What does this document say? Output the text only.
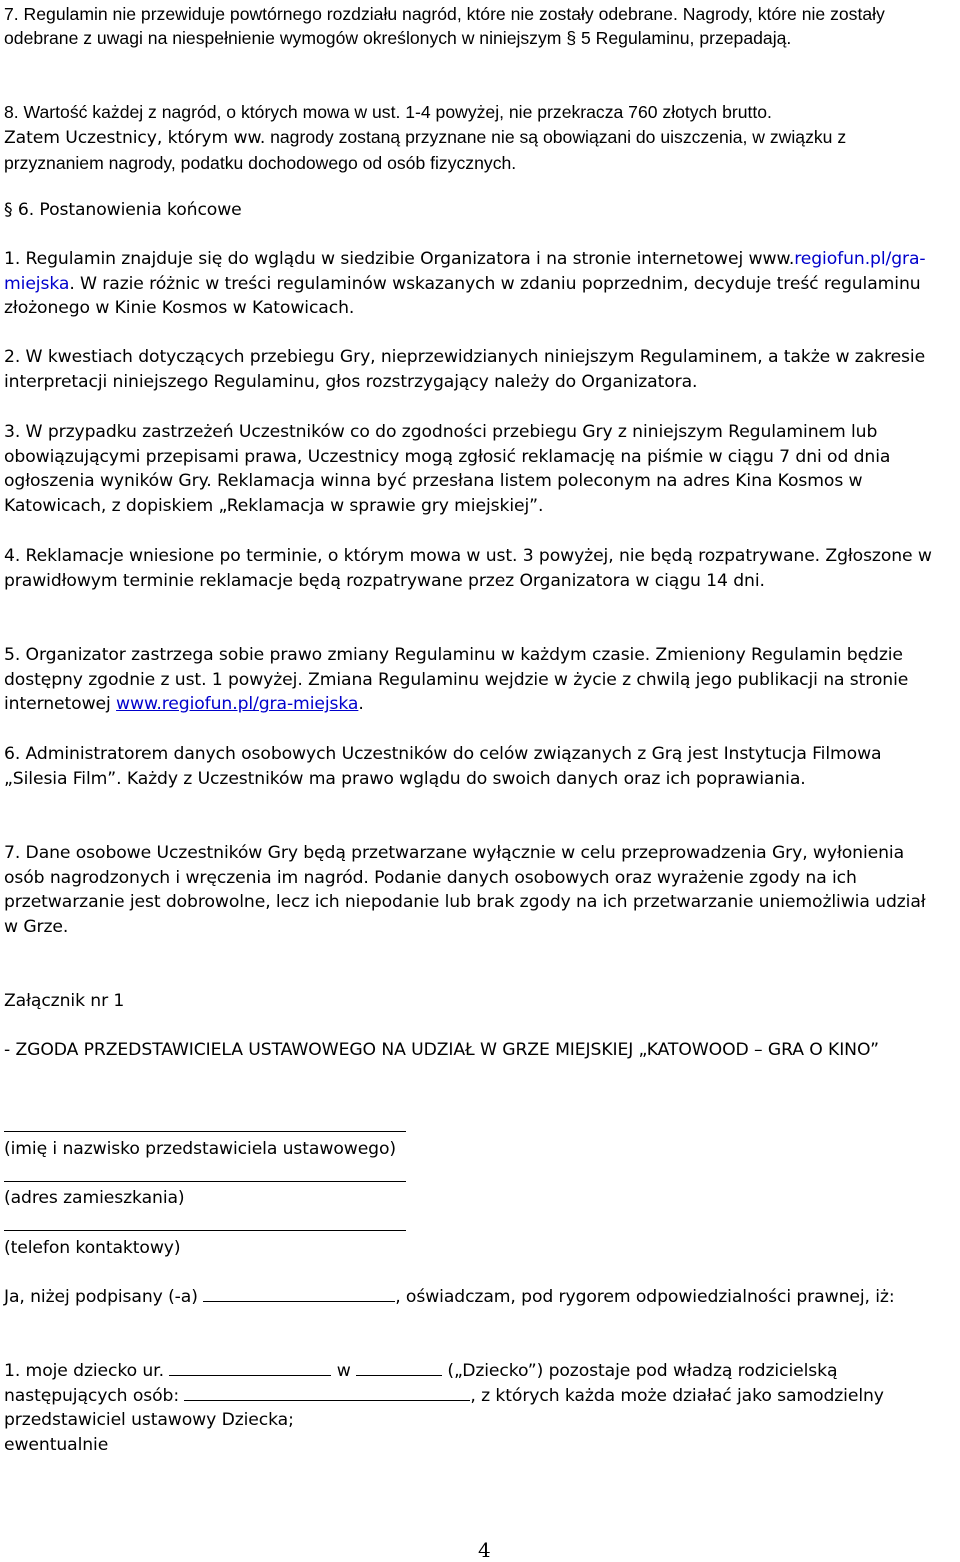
7. Regulamin nie przewiduje powtórnego rozdziału nagród, które nie zostały odebrane. Nagrody, które nie zostały odebrane z uwagi na niespełnienie wymogów określonych w niniejszym § 5 Regulaminu, przepadają.

8. Wartość każdej z nagród, o których mowa w ust. 1-4 powyżej, nie przekracza 760 złotych brutto.

Zatem Uczestnicy, którym ww. nagrody zostaną przyznane nie są obowiązani do uiszczenia, w związku z przyznaniem nagrody, podatku dochodowego od osób fizycznych.

§ 6. Postanowienia końcowe

1. Regulamin znajduje się do wglądu w siedzibie Organizatora i na stronie internetowej www.regiofun.pl/gra-miejska. W razie różnic w treści regulaminów wskazanych w zdaniu poprzednim, decyduje treść regulaminu złożonego w Kinie Kosmos w Katowicach.

2. W kwestiach dotyczących przebiegu Gry, nieprzewidzianych niniejszym Regulaminem, a także w zakresie interpretacji niniejszego Regulaminu, głos rozstrzygający należy do Organizatora.

3. W przypadku zastrzeżeń Uczestników co do zgodności przebiegu Gry z niniejszym Regulaminem lub obowiązującymi przepisami prawa, Uczestnicy mogą zgłosić reklamację na piśmie w ciągu 7 dni od dnia ogłoszenia wyników Gry. Reklamacja winna być przesłana listem poleconym na adres Kina Kosmos w Katowicach, z dopiskiem „Reklamacja w sprawie gry miejskiej”.

4. Reklamacje wniesione po terminie, o którym mowa w ust. 3 powyżej, nie będą rozpatrywane. Zgłoszone w prawidłowym terminie reklamacje będą rozpatrywane przez Organizatora w ciągu 14 dni.

5. Organizator zastrzega sobie prawo zmiany Regulaminu w każdym czasie. Zmieniony Regulamin będzie dostępny zgodnie z ust. 1 powyżej. Zmiana Regulaminu wejdzie w życie z chwilą jego publikacji na stronie internetowej www.regiofun.pl/gra-miejska.

6. Administratorem danych osobowych Uczestników do celów związanych z Grą jest Instytucja Filmowa „Silesia Film”. Każdy z Uczestników ma prawo wglądu do swoich danych oraz ich poprawiania.

7. Dane osobowe Uczestników Gry będą przetwarzane wyłącznie w celu przeprowadzenia Gry, wyłonienia osób nagrodzonych i wręczenia im nagród. Podanie danych osobowych oraz wyrażenie zgody na ich przetwarzanie jest dobrowolne, lecz ich niepodanie lub brak zgody na ich przetwarzanie uniemożliwia udział w Grze.

Załącznik nr 1

- ZGODA PRZEDSTAWICIELA USTAWOWEGO NA UDZIAŁ W GRZE MIEJSKIEJ „KATOWOOD – GRA O KINO”

(imię i nazwisko przedstawiciela ustawowego)

(adres zamieszkania)

(telefon kontaktowy)

Ja, niżej podpisany (-a)	, oświadczam, pod rygorem odpowiedzialności prawnej, iż:

1. moje dziecko ur.	w	(„Dziecko”) pozostaje pod władzą rodzicielską
następujących osób:	, z których każda może działać jako samodzielny przedstawiciel ustawowy Dziecka;
ewentualnie

4
